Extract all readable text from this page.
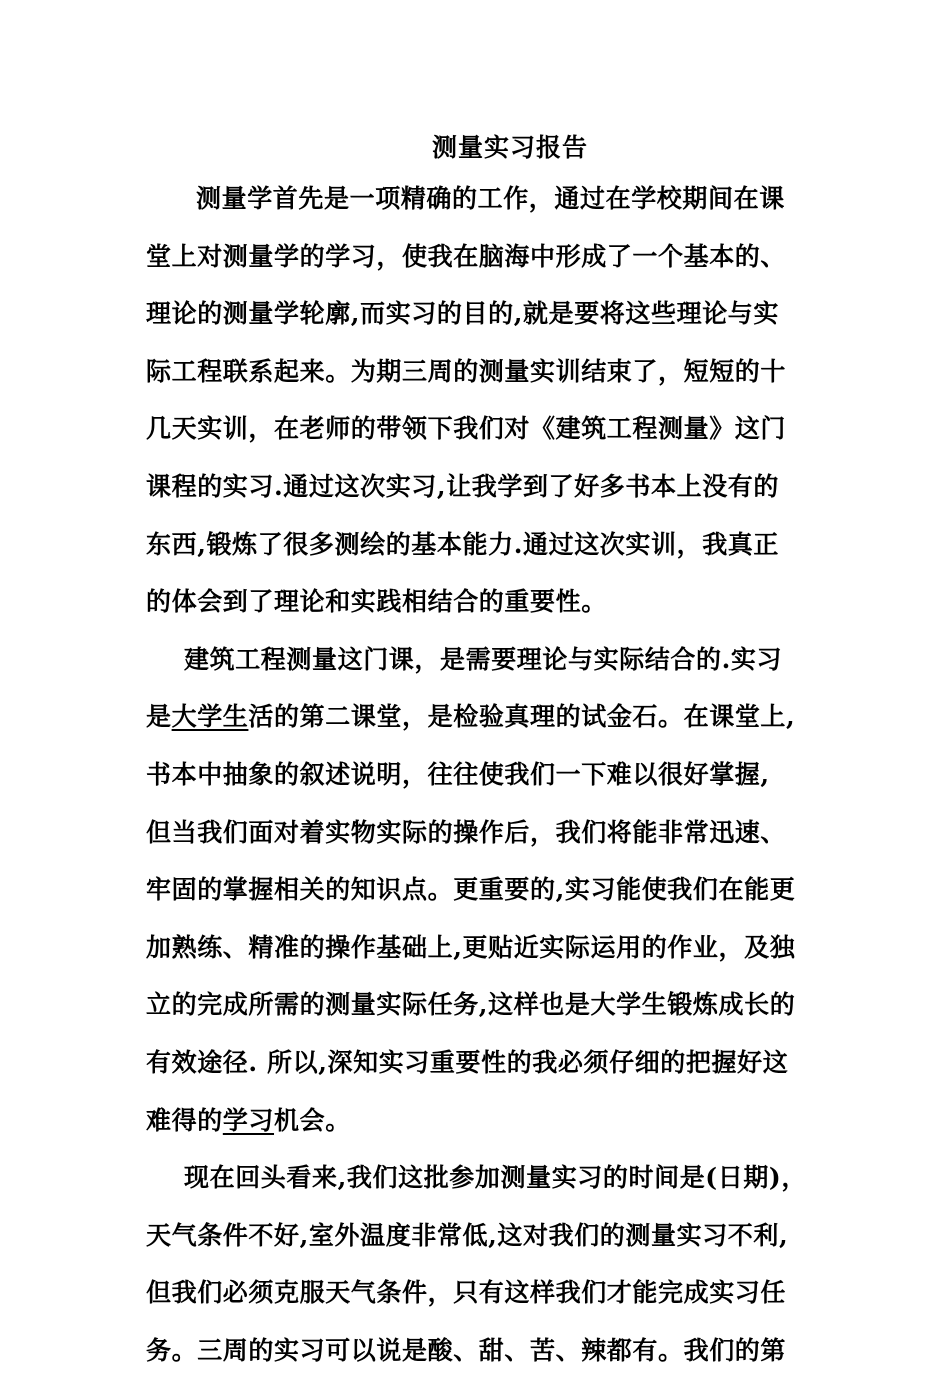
测量实习报告
测量学首先是一项精确的工作，通过在学校期间在课
堂上对测量学的学习，使我在脑海中形成了一个基本的、
理论的测量学轮廓,而实习的目的,就是要将这些理论与实
际工程联系起来。为期三周的测量实训结束了，短短的十
几天实训，在老师的带领下我们对《建筑工程测量》这门
课程的实习.通过这次实习,让我学到了好多书本上没有的
东西,锻炼了很多测绘的基本能力.通过这次实训，我真正
的体会到了理论和实践相结合的重要性。
建筑工程测量这门课，是需要理论与实际结合的.实习
是大学生活的第二课堂，是检验真理的试金石。在课堂上,
书本中抽象的叙述说明，往往使我们一下难以很好掌握,
但当我们面对着实物实际的操作后，我们将能非常迅速、
牢固的掌握相关的知识点。更重要的,实习能使我们在能更
加熟练、精准的操作基础上,更贴近实际运用的作业，及独
立的完成所需的测量实际任务,这样也是大学生锻炼成长的
有效途径. 所以,深知实习重要性的我必须仔细的把握好这
难得的学习机会。
现在回头看来,我们这批参加测量实习的时间是(日期)，
天气条件不好,室外温度非常低,这对我们的测量实习不利,
但我们必须克服天气条件，只有这样我们才能完成实习任
务。三周的实习可以说是酸、甜、苦、辣都有。我们的第
